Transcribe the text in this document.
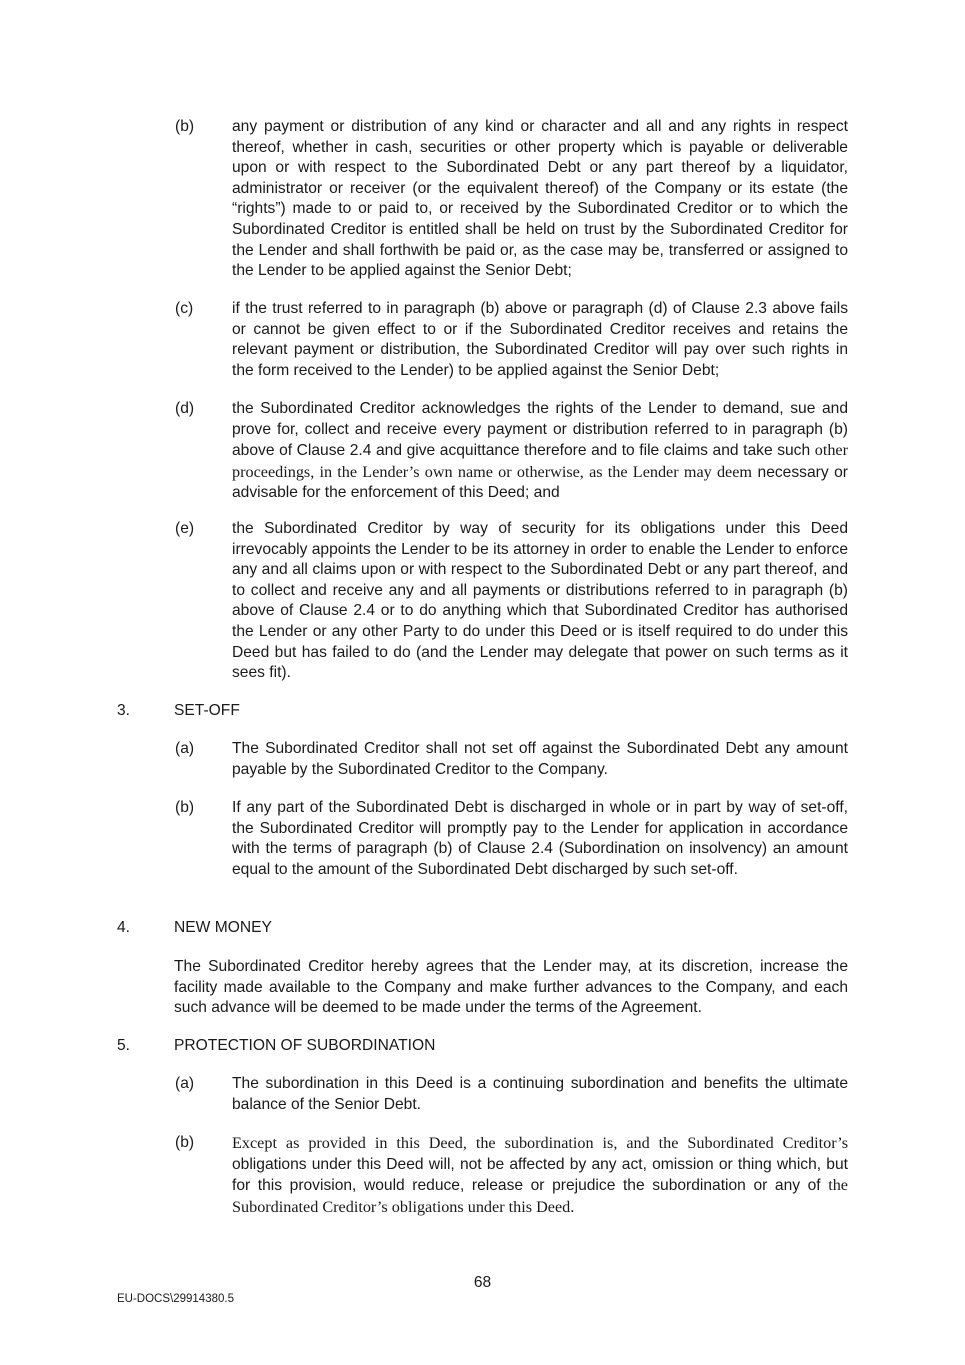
(b) any payment or distribution of any kind or character and all and any rights in respect thereof, whether in cash, securities or other property which is payable or deliverable upon or with respect to the Subordinated Debt or any part thereof by a liquidator, administrator or receiver (or the equivalent thereof) of the Company or its estate (the “rights”) made to or paid to, or received by the Subordinated Creditor or to which the Subordinated Creditor is entitled shall be held on trust by the Subordinated Creditor for the Lender and shall forthwith be paid or, as the case may be, transferred or assigned to the Lender to be applied against the Senior Debt;
(c) if the trust referred to in paragraph (b) above or paragraph (d) of Clause 2.3 above fails or cannot be given effect to or if the Subordinated Creditor receives and retains the relevant payment or distribution, the Subordinated Creditor will pay over such rights in the form received to the Lender) to be applied against the Senior Debt;
(d) the Subordinated Creditor acknowledges the rights of the Lender to demand, sue and prove for, collect and receive every payment or distribution referred to in paragraph (b) above of Clause 2.4 and give acquittance therefore and to file claims and take such other proceedings, in the Lender’s own name or otherwise, as the Lender may deem necessary or advisable for the enforcement of this Deed; and
(e) the Subordinated Creditor by way of security for its obligations under this Deed irrevocably appoints the Lender to be its attorney in order to enable the Lender to enforce any and all claims upon or with respect to the Subordinated Debt or any part thereof, and to collect and receive any and all payments or distributions referred to in paragraph (b) above of Clause 2.4 or to do anything which that Subordinated Creditor has authorised the Lender or any other Party to do under this Deed or is itself required to do under this Deed but has failed to do (and the Lender may delegate that power on such terms as it sees fit).
3.	SET-OFF
(a) The Subordinated Creditor shall not set off against the Subordinated Debt any amount payable by the Subordinated Creditor to the Company.
(b) If any part of the Subordinated Debt is discharged in whole or in part by way of set-off, the Subordinated Creditor will promptly pay to the Lender for application in accordance with the terms of paragraph (b) of Clause 2.4 (Subordination on insolvency) an amount equal to the amount of the Subordinated Debt discharged by such set-off.
4.	NEW MONEY
The Subordinated Creditor hereby agrees that the Lender may, at its discretion, increase the facility made available to the Company and make further advances to the Company, and each such advance will be deemed to be made under the terms of the Agreement.
5.	PROTECTION OF SUBORDINATION
(a) The subordination in this Deed is a continuing subordination and benefits the ultimate balance of the Senior Debt.
(b) Except as provided in this Deed, the subordination is, and the Subordinated Creditor’s obligations under this Deed will, not be affected by any act, omission or thing which, but for this provision, would reduce, release or prejudice the subordination or any of the Subordinated Creditor’s obligations under this Deed.
68
EU-DOCS\29914380.5
